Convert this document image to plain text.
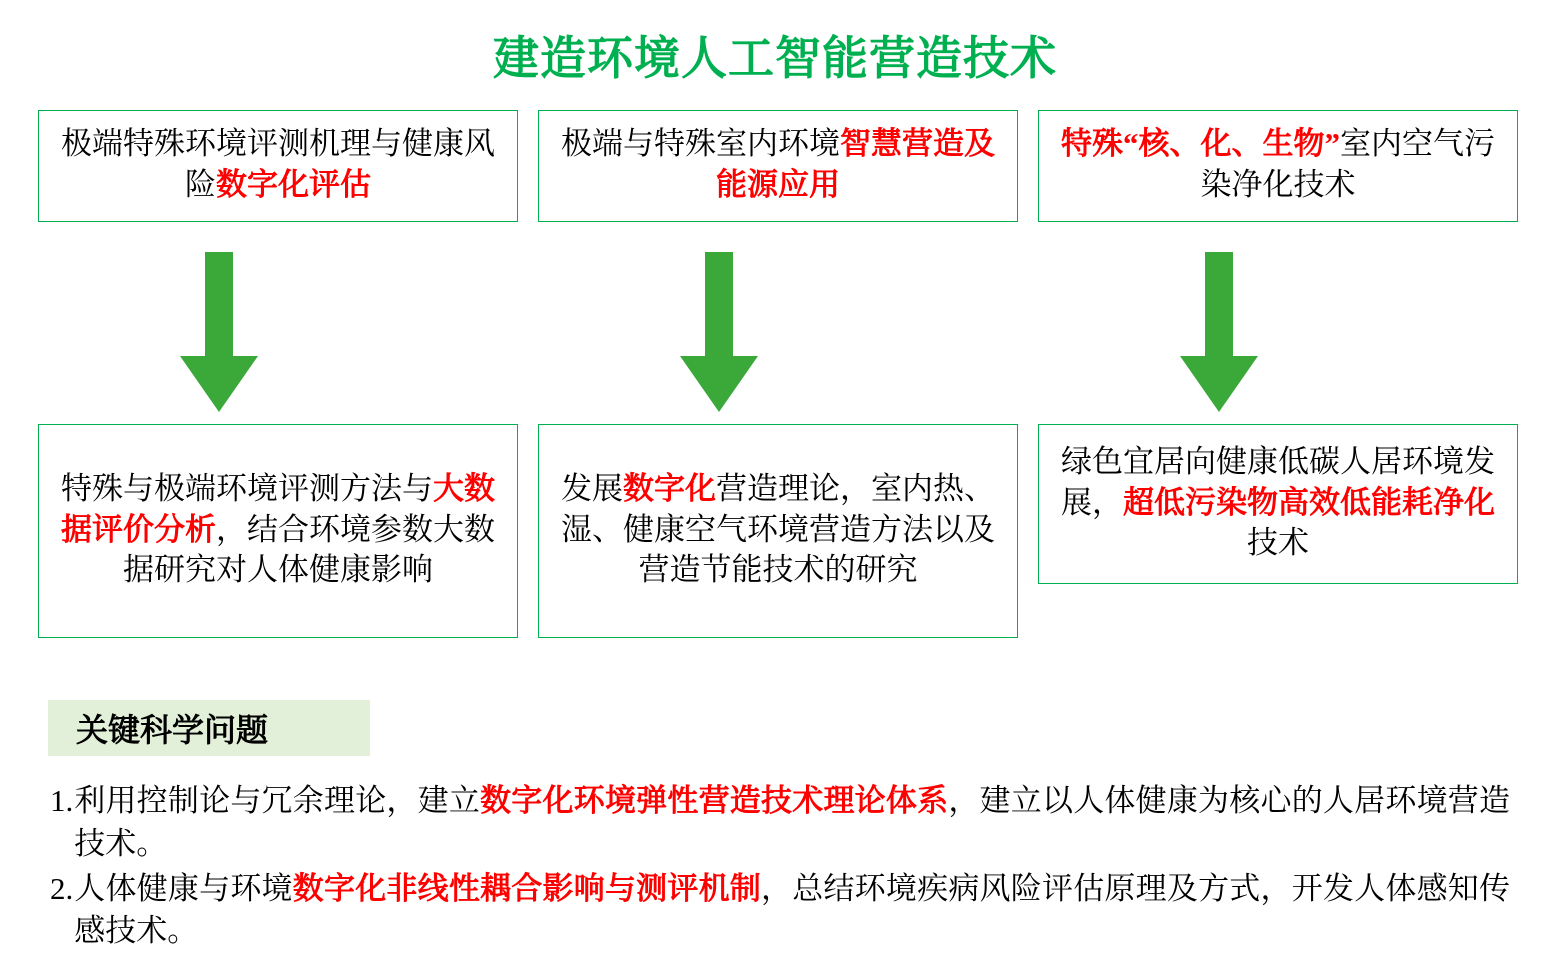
建造环境人工智能营造技术
极端特殊环境评测机理与健康风险数字化评估
极端与特殊室内环境智慧营造及能源应用
特殊“核、化、生物”室内空气污染净化技术
特殊与极端环境评测方法与大数据评价分析，结合环境参数大数据研究对人体健康影响
发展数字化营造理论，室内热、湿、健康空气环境营造方法以及营造节能技术的研究
绿色宜居向健康低碳人居环境发展，超低污染物高效低能耗净化技术
关键科学问题
1. 利用控制论与冗余理论，建立数字化环境弹性营造技术理论体系，建立以人体健康为核心的人居环境营造技术。
2. 人体健康与环境数字化非线性耦合影响与测评机制，总结环境疾病风险评估原理及方式，开发人体感知传感技术。
